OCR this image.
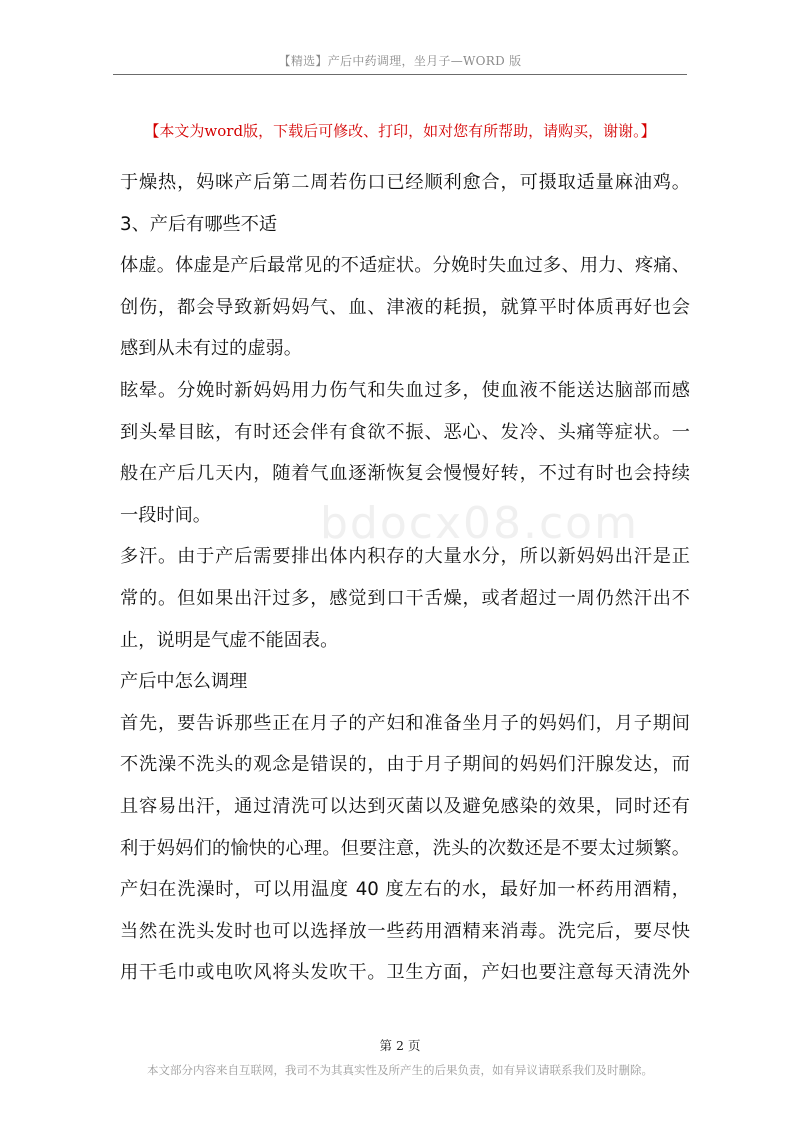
【精选】产后中药调理，坐月子—WORD 版
【本文为word版，下载后可修改、打印，如对您有所帮助，请购买，谢谢。】
bdocx08.com
于燥热，妈咪产后第二周若伤口已经顺利愈合，可摄取适量麻油鸡。
3、产后有哪些不适
体虚。体虚是产后最常见的不适症状。分娩时失血过多、用力、疼痛、
创伤，都会导致新妈妈气、血、津液的耗损，就算平时体质再好也会
感到从未有过的虚弱。
眩晕。分娩时新妈妈用力伤气和失血过多，使血液不能送达脑部而感
到头晕目眩，有时还会伴有食欲不振、恶心、发冷、头痛等症状。一
般在产后几天内，随着气血逐渐恢复会慢慢好转，不过有时也会持续
一段时间。
多汗。由于产后需要排出体内积存的大量水分，所以新妈妈出汗是正
常的。但如果出汗过多，感觉到口干舌燥，或者超过一周仍然汗出不
止，说明是气虚不能固表。
产后中怎么调理
首先，要告诉那些正在月子的产妇和准备坐月子的妈妈们，月子期间
不洗澡不洗头的观念是错误的，由于月子期间的妈妈们汗腺发达，而
且容易出汗，通过清洗可以达到灭菌以及避免感染的效果，同时还有
利于妈妈们的愉快的心理。但要注意，洗头的次数还是不要太过频繁。
产妇在洗澡时，可以用温度 40 度左右的水，最好加一杯药用酒精，
当然在洗头发时也可以选择放一些药用酒精来消毒。洗完后，要尽快
用干毛巾或电吹风将头发吹干。卫生方面，产妇也要注意每天清洗外
第 2 页
本文部分内容来自互联网，我司不为其真实性及所产生的后果负责，如有异议请联系我们及时删除。
